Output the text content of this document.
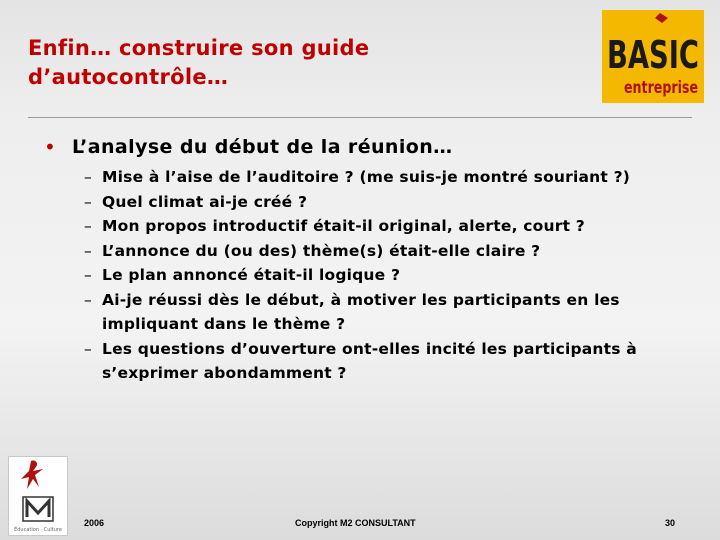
Enfin… construire son guide
d’autocontrôle…	BASIC
entreprise
• L’analyse du début de la réunion…
– Mise à l’aise de l’auditoire ? (me suis-je montré souriant ?)
– Quel climat ai-je créé ?
– Mon propos introductif était-il original, alerte, court ?
– L’annonce du (ou des) thème(s) était-elle claire ?
– Le plan annoncé était-il logique ?
– Ai-je réussi dès le début, à motiver les participants en les impliquant dans le thème ?
– Les questions d’ouverture ont-elles incité les participants à s’exprimer abondamment ?
Éducation · Culture
2006	Copyright M2 CONSULTANT	30
